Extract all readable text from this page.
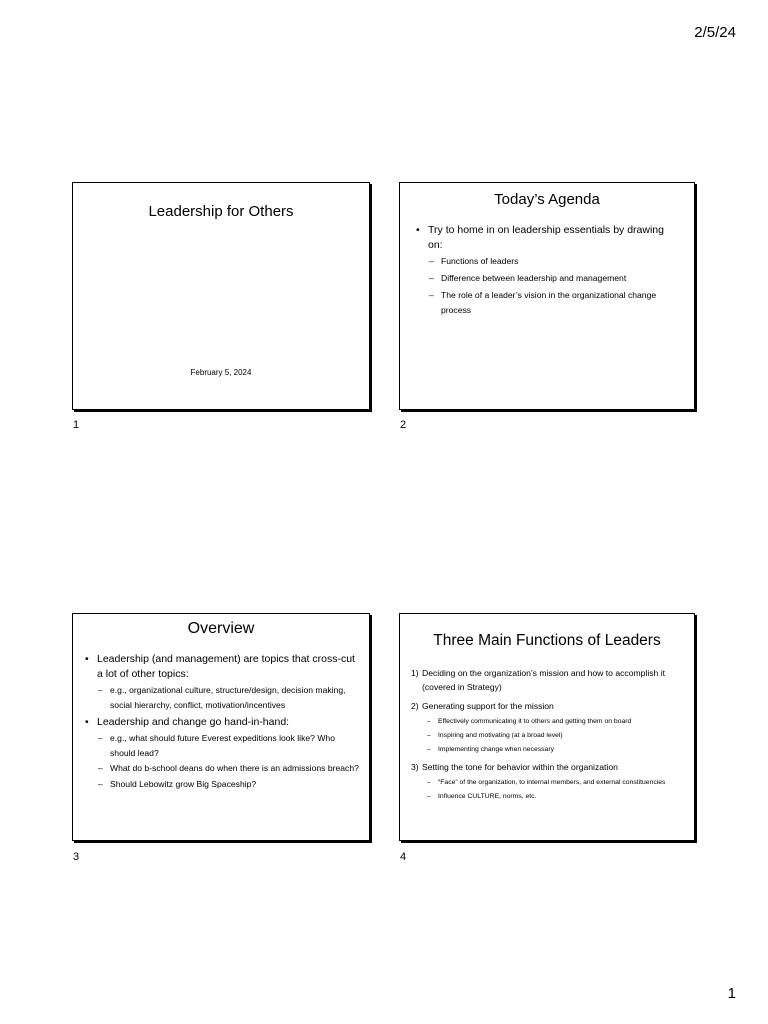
2/5/24
Leadership for Others
February 5, 2024
1
Today’s Agenda
• Try to home in on leadership essentials by drawing on:
– Functions of leaders
– Difference between leadership and management
– The role of a leader’s vision in the organizational change process
2
Overview
• Leadership (and management) are topics that cross-cut a lot of other topics:
– e.g., organizational culture, structure/design, decision making, social hierarchy, conflict, motivation/incentives
• Leadership and change go hand-in-hand:
– e.g., what should future Everest expeditions look like? Who should lead?
– What do b-school deans do when there is an admissions breach?
– Should Lebowitz grow Big Spaceship?
3
Three Main Functions of Leaders
1) Deciding on the organization’s mission and how to accomplish it (covered in Strategy)
2) Generating support for the mission
– Effectively communicating it to others and getting them on board
– Inspiring and motivating (at a broad level)
– Implementing change when necessary
3) Setting the tone for behavior within the organization
– “Face” of the organization, to internal members, and external constituencies
– Influence CULTURE, norms, etc.
4
1
